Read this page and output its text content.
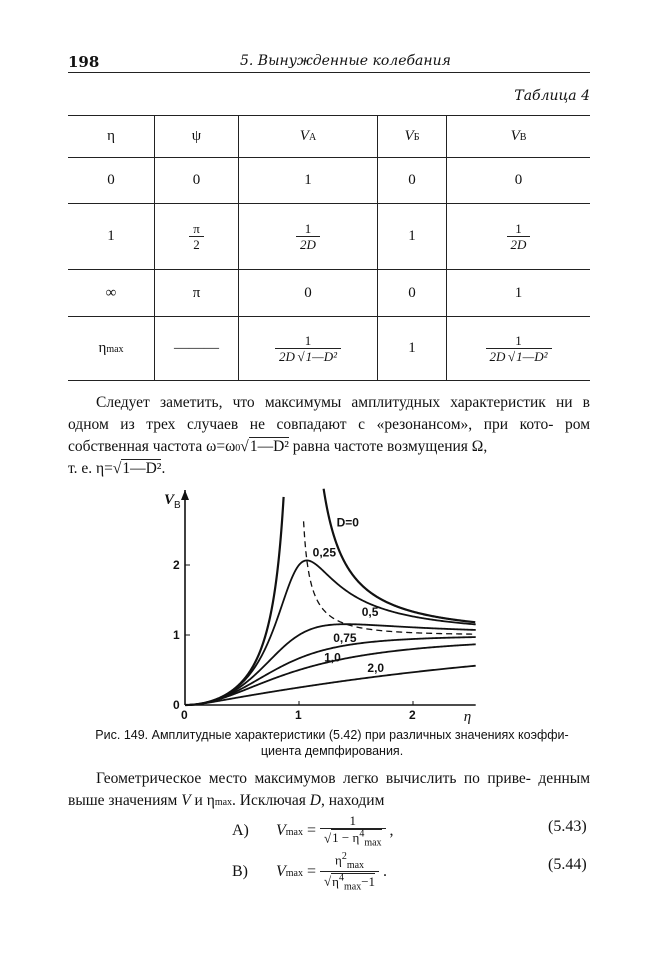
198	5. Вынужденные колебания
Таблица 4
η	ψ	VА	VБ	VВ
0	0	1	0	0
1	$\frac{\pi}{2}$	$\frac{1}{2D}$	1	$\frac{1}{2D}$

∞	π	0	0	1
ηmax	———	$\frac{1}{\text{2D √1—D²}}$	1	$\frac{1}{\text{2D √1—D²}}$
Следует заметить, что максимумы амплитудных характеристик ни в одном из трех случаев не совпадают с «резонансом», при кото- ром собственная частота ω=ω0√1—D² равна частоте возмущения Ω,
т. е. η=√1—D².
0	1	2
0
1
2
V В
η
D=0
0,25
0,5
0,75
1,0
2,0
Рис. 149. Амплитудные характеристики (5.42) при различных значениях коэффи-
циента демпфирования.
Геометрическое место максимумов легко вычислить по приве- денным выше значениям V и ηmax. Исключая D, находим
A) $Vmax = \frac{1}{√1 - \eta^4_{max}}$ ,	(5.43)
B) $Vmax = \frac{\eta^2_{max}}{√\eta^4_{max}-1}$ .	(5.44)
